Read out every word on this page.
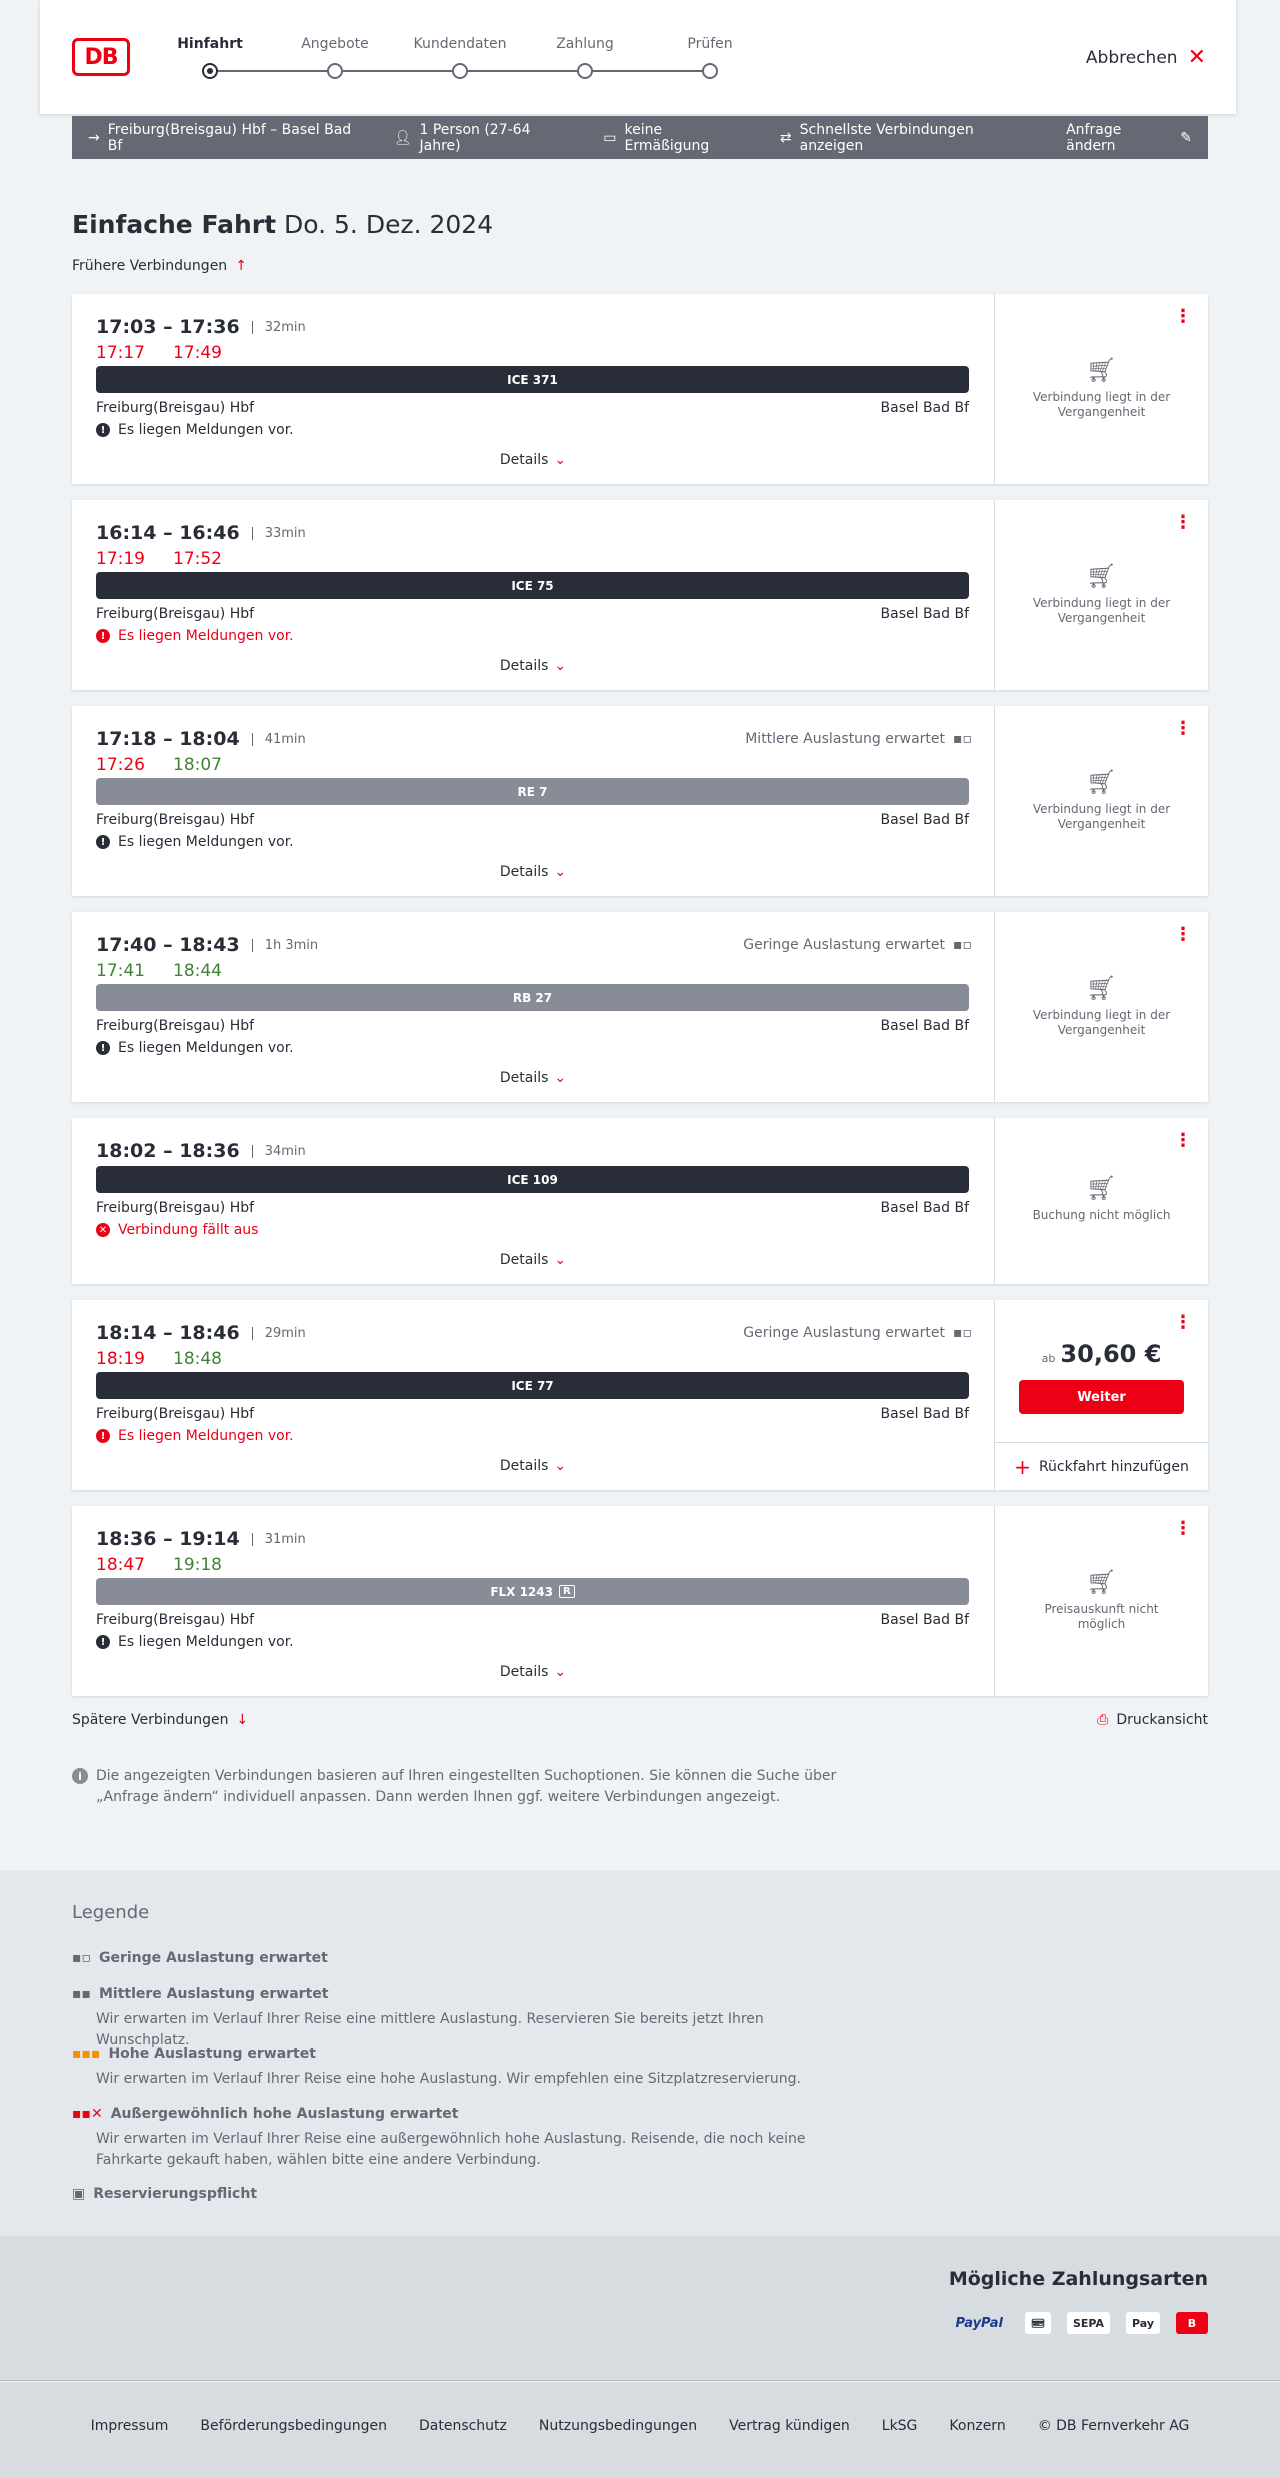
DB
Hinfahrt	Angebote	Kundendaten	Zahlung	Prüfen
Abbrechen ✕
→ Freiburg(Breisgau) Hbf – Basel Bad Bf	👤︎ 1 Person (27-64 Jahre)	▭ keine Ermäßigung	⇄ Schnellste Verbindungen anzeigen
Anfrage ändern	✎
Einfache Fahrt Do. 5. Dez. 2024
Frühere Verbindungen ↑
17:03 – 17:36	32min
17:17 17:49
ICE 371
Freiburg(Breisgau) Hbf	Basel Bad Bf
! Es liegen Meldungen vor.
Details ⌄
⋮
🛒︎
Verbindung liegt in der Vergangenheit
16:14 – 16:46	33min
17:19 17:52
ICE 75
Freiburg(Breisgau) Hbf	Basel Bad Bf
! Es liegen Meldungen vor.
Details ⌄
⋮
🛒︎
Verbindung liegt in der Vergangenheit
17:18 – 18:04	41min	Mittlere Auslastung erwartet ▪▫
17:26 18:07
RE 7
Freiburg(Breisgau) Hbf	Basel Bad Bf
! Es liegen Meldungen vor.
Details ⌄
⋮
🛒︎
Verbindung liegt in der Vergangenheit
17:40 – 18:43	1h 3min	Geringe Auslastung erwartet ▪▫
17:41 18:44
RB 27
Freiburg(Breisgau) Hbf	Basel Bad Bf
! Es liegen Meldungen vor.
Details ⌄
⋮
🛒︎
Verbindung liegt in der Vergangenheit
18:02 – 18:36	34min
ICE 109
Freiburg(Breisgau) Hbf	Basel Bad Bf
✕ Verbindung fällt aus
Details ⌄
⋮
🛒︎
Buchung nicht möglich
18:14 – 18:46	29min	Geringe Auslastung erwartet ▪▫
18:19 18:48
ICE 77
Freiburg(Breisgau) Hbf	Basel Bad Bf
! Es liegen Meldungen vor.
Details ⌄
⋮
ab 30,60 €
Weiter
+ Rückfahrt hinzufügen
18:36 – 19:14	31min
18:47 19:18
FLX 1243	R
Freiburg(Breisgau) Hbf	Basel Bad Bf
! Es liegen Meldungen vor.
Details ⌄
⋮
🛒︎
Preisauskunft nicht möglich
Spätere Verbindungen ↓	⎙ Druckansicht
i	Die angezeigten Verbindungen basieren auf Ihren eingestellten Suchoptionen. Sie können die Suche über „Anfrage ändern“ individuell anpassen. Dann werden Ihnen ggf. weitere Verbindungen angezeigt.
Legende
▪▫ Geringe Auslastung erwartet
▪▪ Mittlere Auslastung erwartet

Wir erwarten im Verlauf Ihrer Reise eine mittlere Auslastung. Reservieren Sie bereits jetzt Ihren Wunschplatz.

▪▪▪ Hohe Auslastung erwartet

Wir erwarten im Verlauf Ihrer Reise eine hohe Auslastung. Wir empfehlen eine Sitzplatzreservierung.

▪▪✕ Außergewöhnlich hohe Auslastung erwartet

Wir erwarten im Verlauf Ihrer Reise eine außergewöhnlich hohe Auslastung. Reisende, die noch keine Fahrkarte gekauft haben, wählen bitte eine andere Verbindung.

▣ Reservierungspflicht
Mögliche Zahlungsarten
PayPal	💳︎	SEPA	Pay	B
Impressum Beförderungsbedingungen Datenschutz Nutzungsbedingungen Vertrag kündigen LkSG Konzern © DB Fernverkehr AG
